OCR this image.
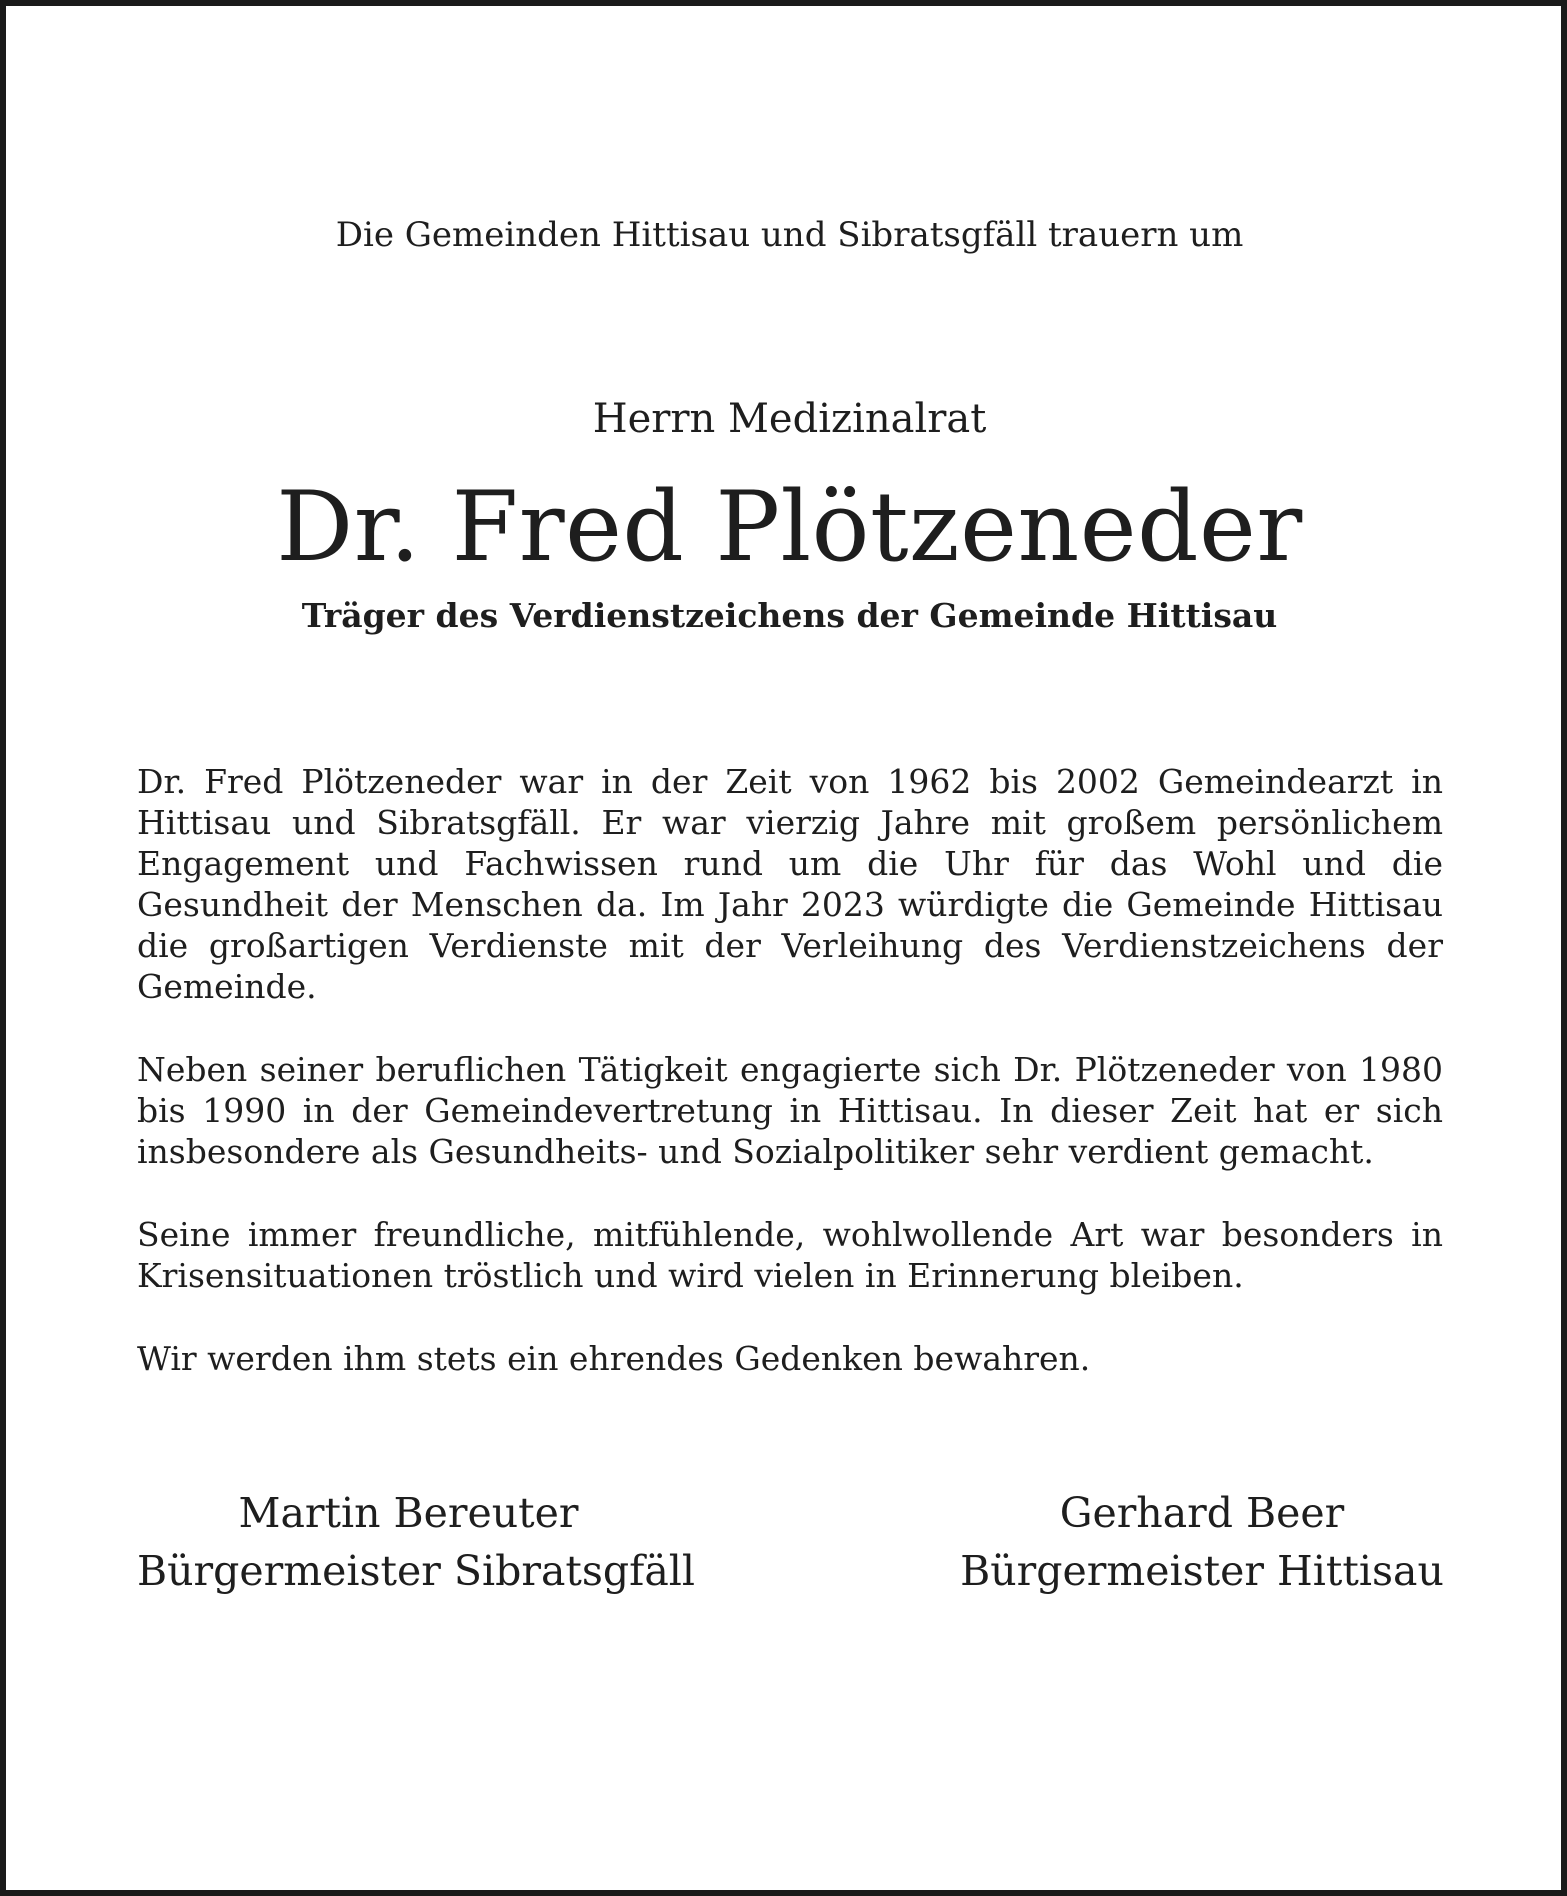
Die Gemeinden Hittisau und Sibratsgfäll trauern um

Herrn Medizinalrat

Dr. Fred Plötzeneder

Träger des Verdienstzeichens der Gemeinde Hittisau

Dr. Fred Plötzeneder war in der Zeit von 1962 bis 2002 Gemeindearzt in Hittisau und Sibratsgfäll. Er war vierzig Jahre mit großem persönlichem Engagement und Fachwissen rund um die Uhr für das Wohl und die Gesundheit der Menschen da. Im Jahr 2023 würdigte die Gemeinde Hittisau die großartigen Verdienste mit der Verleihung des Verdienstzeichens der Gemeinde.

Neben seiner beruflichen Tätigkeit engagierte sich Dr. Plötzeneder von 1980 bis 1990 in der Gemeindevertretung in Hittisau. In dieser Zeit hat er sich insbesondere als Gesundheits- und Sozialpolitiker sehr verdient gemacht.

Seine immer freundliche, mitfühlende, wohlwollende Art war besonders in Krisensituationen tröstlich und wird vielen in Erinnerung bleiben.

Wir werden ihm stets ein ehrendes Gedenken bewahren.

Martin Bereuter
Bürgermeister Sibratsgfäll
Gerhard Beer
Bürgermeister Hittisau
